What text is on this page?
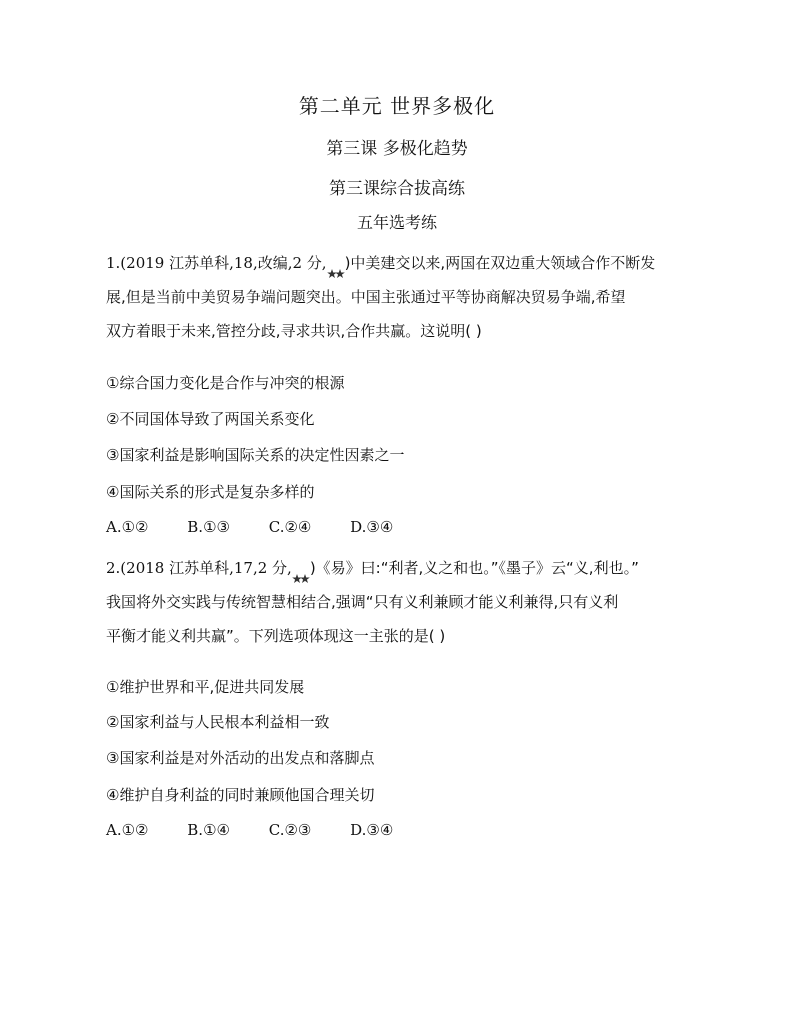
第二单元 世界多极化
第三课 多极化趋势
第三课综合拔高练
五年选考练
1.(2019 江苏单科,18,改编,2 分, )中美建交以来,两国在双边重大领域合作不断发
展,但是当前中美贸易争端问题突出。中国主张通过平等协商解决贸易争端,希望
双方着眼于未来,管控分歧,寻求共识,合作共赢。这说明( )
①综合国力变化是合作与冲突的根源
②不同国体导致了两国关系变化
③国家利益是影响国际关系的决定性因素之一
④国际关系的形式是复杂多样的
A.①②	B.①③	C.②④	D.③④
2.(2018 江苏单科,17,2 分, )《易》曰:“利者,义之和也。”《墨子》云“义,利也。”
我国将外交实践与传统智慧相结合,强调“只有义利兼顾才能义利兼得,只有义利
平衡才能义利共赢”。下列选项体现这一主张的是( )
①维护世界和平,促进共同发展
②国家利益与人民根本利益相一致
③国家利益是对外活动的出发点和落脚点
④维护自身利益的同时兼顾他国合理关切
A.①②	B.①④	C.②③	D.③④
